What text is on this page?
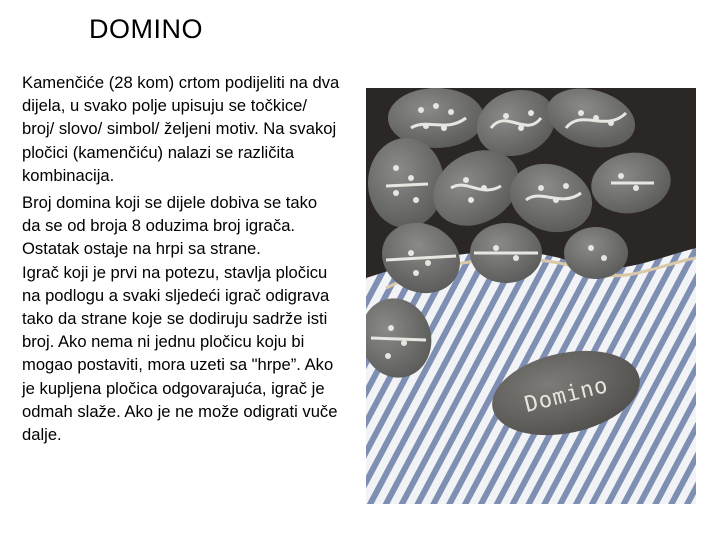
DOMINO

Kamenčiće (28 kom) crtom podijeliti na dva dijela, u svako polje upisuju se točkice/ broj/ slovo/ simbol/ željeni motiv. Na svakoj pločici (kamenčiću) nalazi se različita kombinacija.

Broj domina koji se dijele dobiva se tako da se od broja 8 oduzima broj igrača. Ostatak ostaje na hrpi sa strane.
Igrač koji je prvi na potezu, stavlja pločicu na podlogu a svaki sljedeći igrač odigrava tako da strane koje se dodiruju sadrže isti broj. Ako nema ni jednu pločicu koju bi mogao postaviti, mora uzeti sa "hrpe”. Ako je kupljena pločica odgovarajuća, igrač je odmah slaže. Ako je ne može odigrati vuče dalje.

Domino
